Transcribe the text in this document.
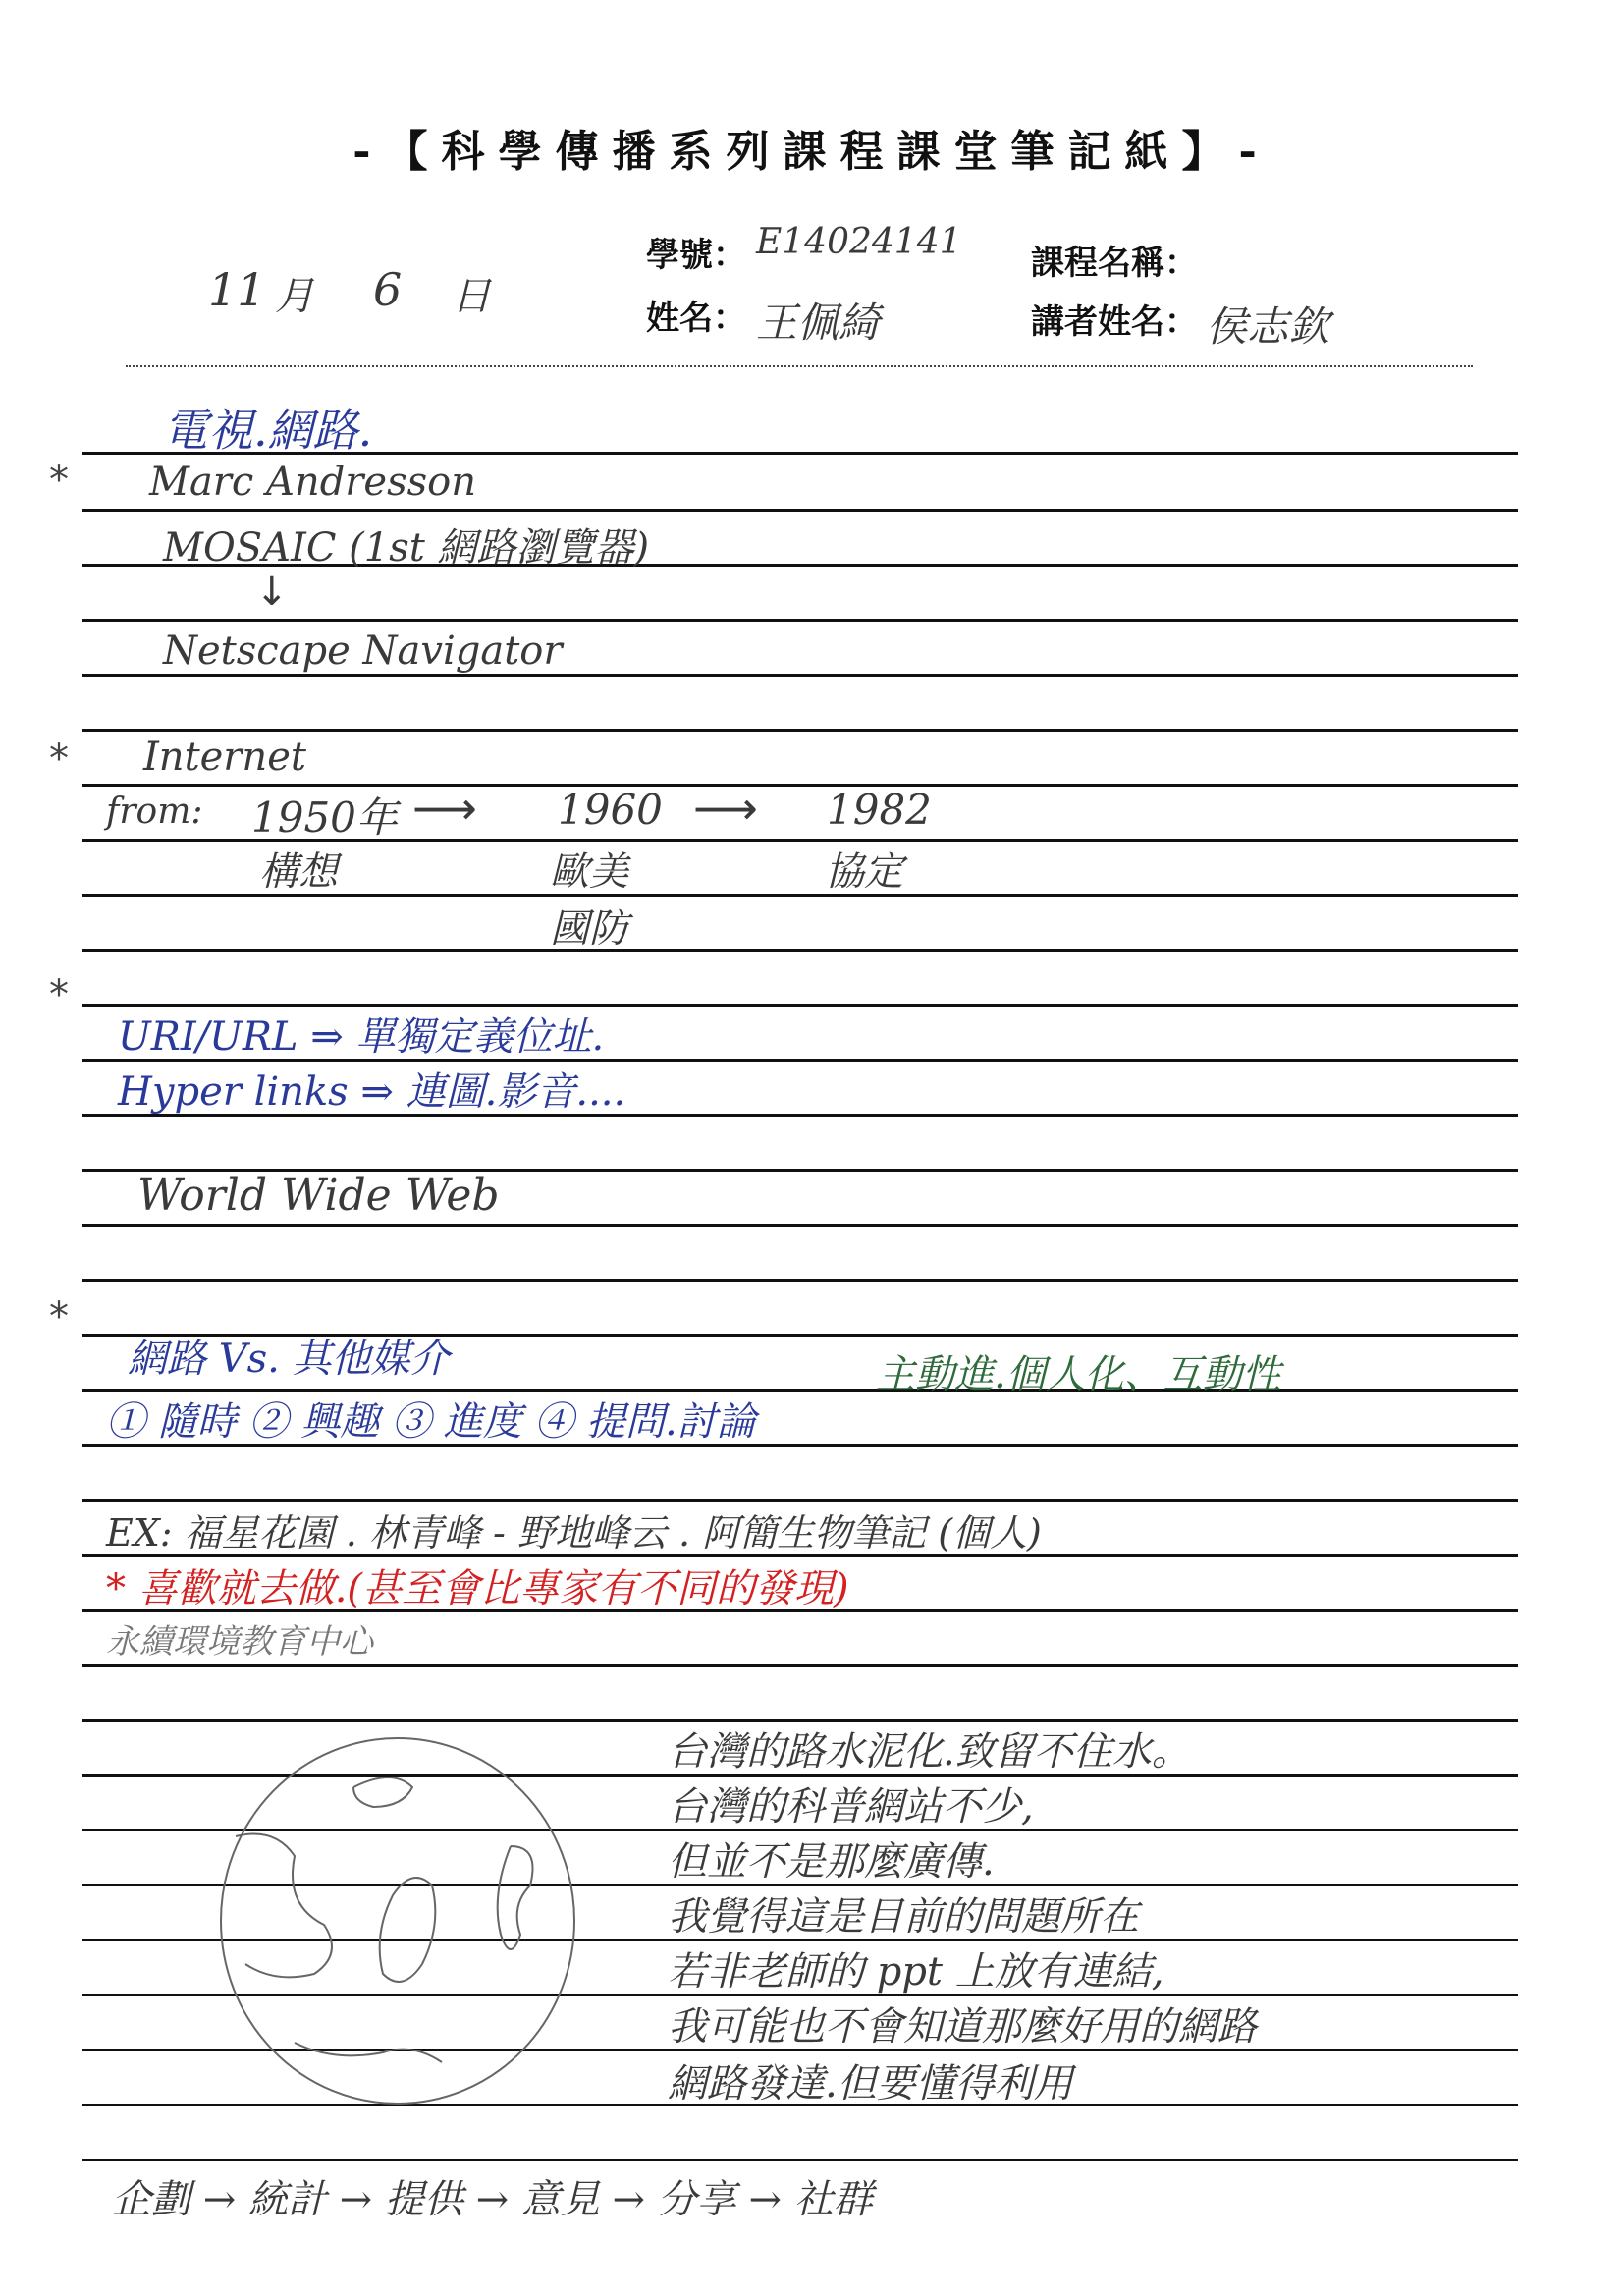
-【科學傳播系列課程課堂筆記紙】-
11 月 6 日
學號： E14024141
姓名： 王佩綺
課程名稱：
講者姓名： 侯志欽
電視.網路.
* Marc Andresson
MOSAIC (1st 網路瀏覽器)
↓
Netscape Navigator
* Internet
from: 1950年 ⟶ 1960 ⟶ 1982
構想	歐美
國防
協定
*
URI/URL ⇒ 單獨定義位址.
Hyper links ⇒ 連圖.影音....
World Wide Web
*
網路 Vs. 其他媒介	主動進.個人化、互動性
① 隨時 ② 興趣 ③ 進度 ④ 提問.討論
EX: 福星花園 . 林青峰 - 野地峰云 . 阿簡生物筆記 (個人)
* 喜歡就去做.(甚至會比專家有不同的發現)
永續環境教育中心
台灣的路水泥化.致留不住水。
台灣的科普網站不少,
但並不是那麼廣傳.
我覺得這是目前的問題所在
若非老師的 ppt 上放有連結,
我可能也不會知道那麼好用的網路
網路發達.但要懂得利用
企劃 → 統計 → 提供 → 意見 → 分享 → 社群
